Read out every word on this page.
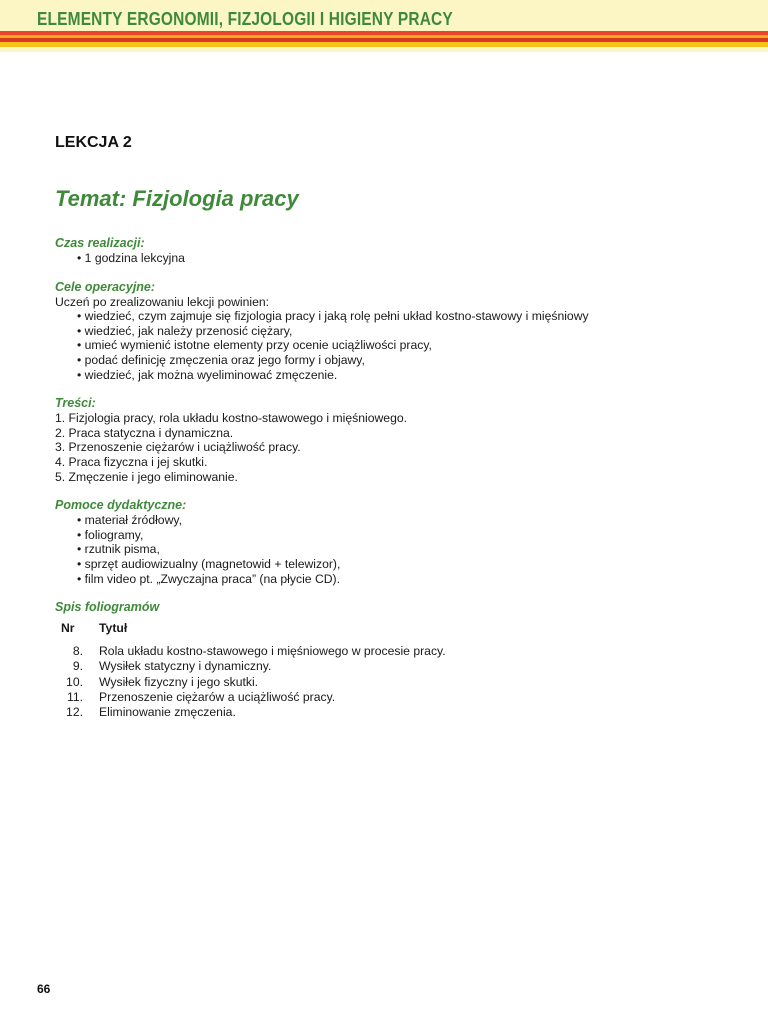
ELEMENTY ERGONOMII, FIZJOLOGII I HIGIENY PRACY
LEKCJA 2
Temat: Fizjologia pracy

Czas realizacji:

• 1 godzina lekcyjna

Cele operacyjne:

Uczeń po zrealizowaniu lekcji powinien:
• wiedzieć, czym zajmuje się fizjologia pracy i jaką rolę pełni układ kostno-stawowy i mięśniowy
• wiedzieć, jak należy przenosić ciężary,
• umieć wymienić istotne elementy przy ocenie uciążliwości pracy,
• podać definicję zmęczenia oraz jego formy i objawy,
• wiedzieć, jak można wyeliminować zmęczenie.

Treści:

1. Fizjologia pracy, rola układu kostno-stawowego i mięśniowego.
2. Praca statyczna i dynamiczna.
3. Przenoszenie ciężarów i uciążliwość pracy.
4. Praca fizyczna i jej skutki.
5. Zmęczenie i jego eliminowanie.

Pomoce dydaktyczne:

• materiał źródłowy,
• foliogramy,
• rzutnik pisma,
• sprzęt audiowizualny (magnetowid + telewizor),
• film video pt. „Zwyczajna praca” (na płycie CD).

Spis foliogramów

Nr	Tytuł
8.	Rola układu kostno-stawowego i mięśniowego w procesie pracy.
9.	Wysiłek statyczny i dynamiczny.
10.	Wysiłek fizyczny i jego skutki.
11.	Przenoszenie ciężarów a uciążliwość pracy.
12.	Eliminowanie zmęczenia.
66
